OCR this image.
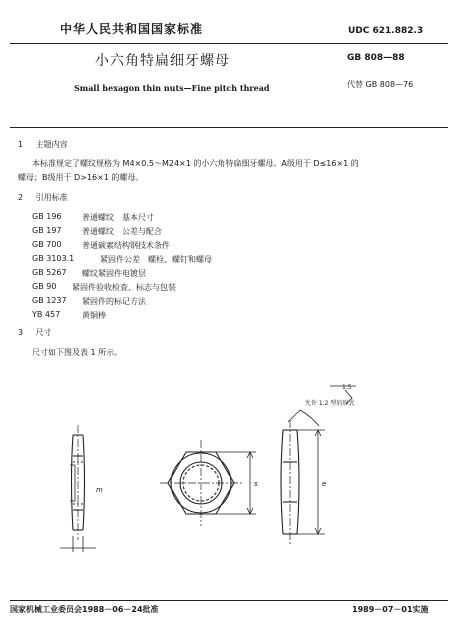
中华人民共和国国家标准	UDC 621.882.3
小六角特扁细牙螺母	GB 808—88
Small hexagon thin nuts—Fine pitch thread	代替 GB 808—76
1 主题内容
本标准规定了螺纹规格为 M4×0.5～M24×1 的小六角特扁细牙螺母。A级用于 D≤16×1 的
螺母；B级用于 D>16×1 的螺母。
2 引用标准
GB 196	普通螺纹　基本尺寸
GB 197	普通螺纹　公差与配合
GB 700	普通碳素结构钢技术条件
GB 3103.1	紧固件公差　螺栓、螺钉和螺母
GB 5267 螺纹紧固件电镀层
GB 90 紧固件验收检查、标志与包装
GB 1237 紧固件的标记方法
YB 457	黄铜棒
3 尺寸
尺寸如下图及表 1 所示。
允许 1.2 型的形式
1.5
m
s	e
国家机械工业委员会1988－06－24批准	1989－07－01实施
